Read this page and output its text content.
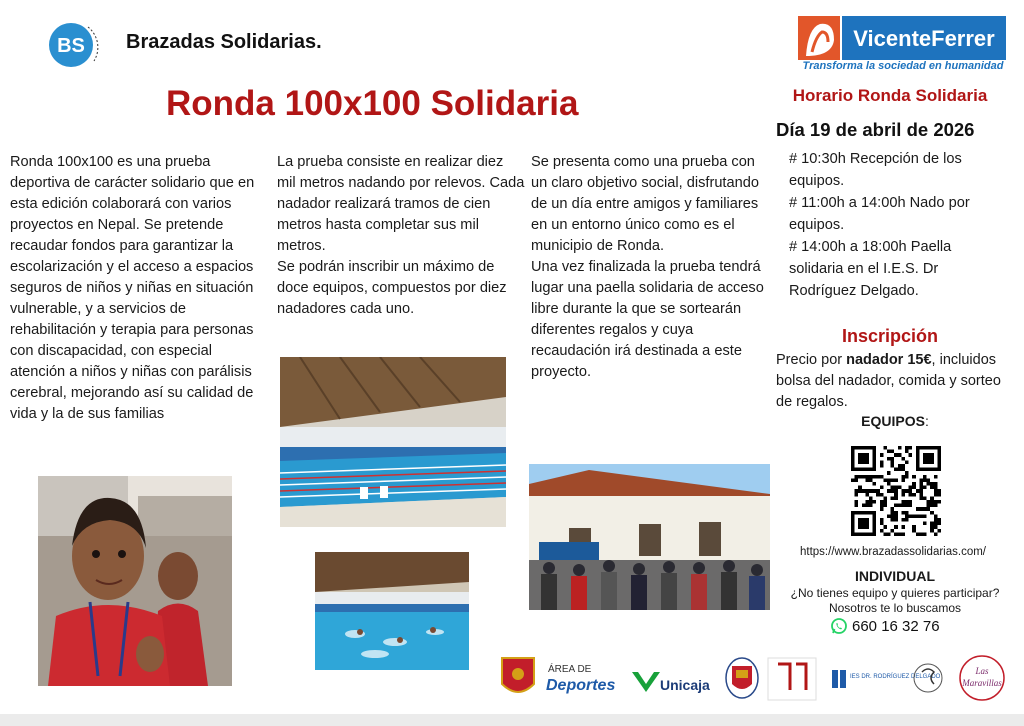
BS Brazadas Solidarias.
Ronda 100x100 Solidaria

Ronda 100x100 es una prueba deportiva de carácter solidario que en esta edición colaborará con varios proyectos en Nepal. Se pretende recaudar fondos para garantizar la escolarización y el acceso a espacios seguros de niños y niñas en situación vulnerable, y a servicios de rehabilitación y terapia para personas con discapacidad, con especial atención a niños y niñas con parálisis cerebral, mejorando así su calidad de vida y la de sus familias

La prueba consiste en realizar diez mil metros nadando por relevos. Cada nadador realizará tramos de cien metros hasta completar sus mil metros.

Se podrán inscribir un máximo de doce equipos, compuestos por diez nadadores cada uno.

Se presenta como una prueba con un claro objetivo social, disfrutando de un día entre amigos y familiares en un entorno único como es el municipio de Ronda.

Una vez finalizada la prueba tendrá lugar una paella solidaria de acceso libre durante la que se sortearán diferentes regalos y cuya recaudación irá destinada a este proyecto.

VicenteFerrer
Transforma la sociedad en humanidad
Horario Ronda Solidaria
Día 19 de abril de 2026

# 10:30h Recepción de los equipos.

# 11:00h a 14:00h Nado por equipos.

# 14:00h a 18:00h Paella solidaria en el I.E.S. Dr Rodríguez Delgado.

Inscripción
Precio por nadador 15€, incluidos bolsa del nadador, comida y sorteo de regalos.
EQUIPOS:
https://www.brazadassolidarias.com/
INDIVIDUAL
¿No tienes equipo y quieres participar?
Nosotros te lo buscamos
660 16 32 76
ÁREA DE
Deportes	Unicaja	IES DR. RODRÍGUEZ DELGADO
Las
Maravillas
